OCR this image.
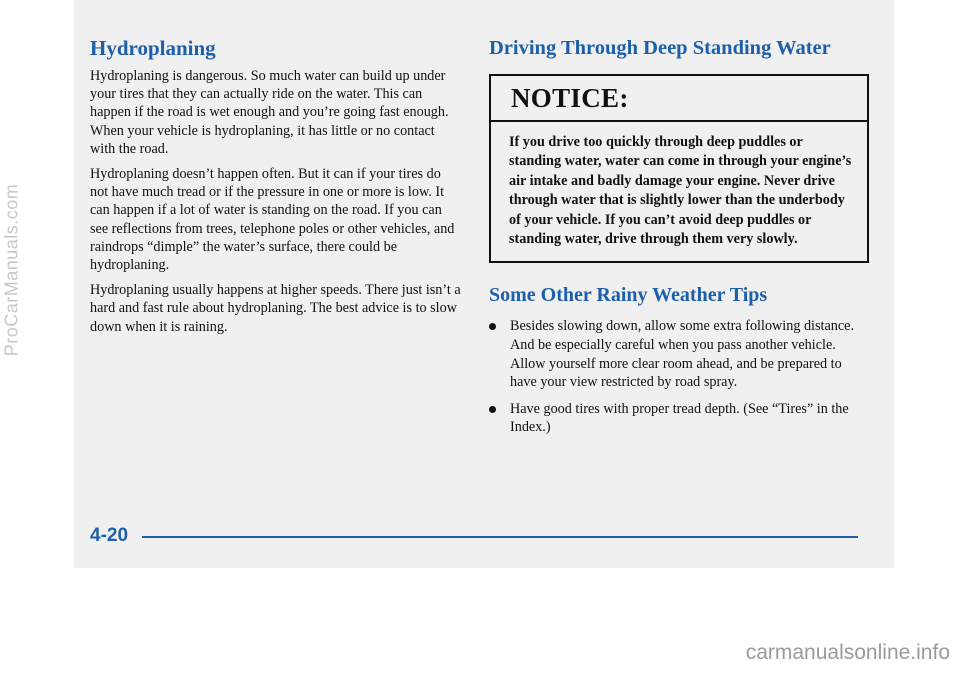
Hydroplaning

Hydroplaning is dangerous. So much water can build up under your tires that they can actually ride on the water. This can happen if the road is wet enough and you’re going fast enough. When your vehicle is hydroplaning, it has little or no contact with the road.

Hydroplaning doesn’t happen often. But it can if your tires do not have much tread or if the pressure in one or more is low. It can happen if a lot of water is standing on the road. If you can see reflections from trees, telephone poles or other vehicles, and raindrops “dimple” the water’s surface, there could be hydroplaning.

Hydroplaning usually happens at higher speeds. There just isn’t a hard and fast rule about hydroplaning. The best advice is to slow down when it is raining.

Driving Through Deep Standing Water
NOTICE:
If you drive too quickly through deep puddles or standing water, water can come in through your engine’s air intake and badly damage your engine. Never drive through water that is slightly lower than the underbody of your vehicle. If you can’t avoid deep puddles or standing water, drive through them very slowly.
Some Other Rainy Weather Tips
Besides slowing down, allow some extra following distance. And be especially careful when you pass another vehicle. Allow yourself more clear room ahead, and be prepared to have your view restricted by road spray.
Have good tires with proper tread depth. (See “Tires” in the Index.)
4-20
ProCarManuals.com
carmanualsonline.info
